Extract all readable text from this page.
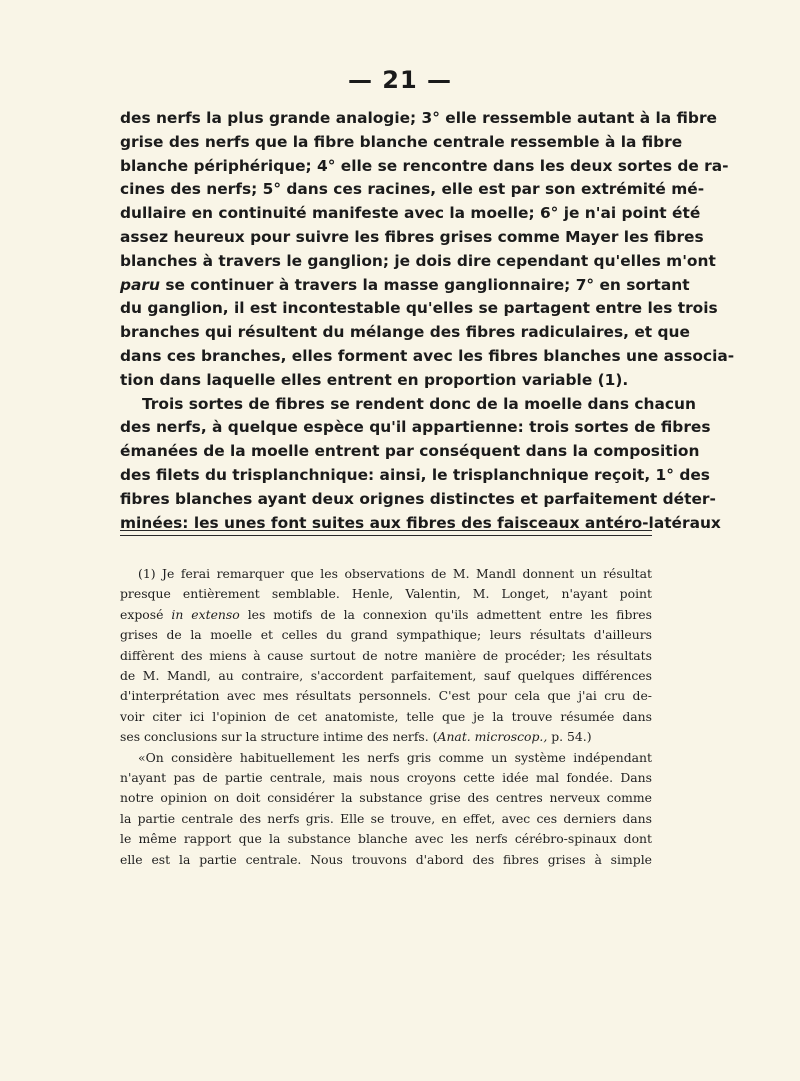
— 21 —
des nerfs la plus grande analogie; 3° elle ressemble autant à la fibre
grise des nerfs que la fibre blanche centrale ressemble à la fibre
blanche périphérique; 4° elle se rencontre dans les deux sortes de ra-
cines des nerfs; 5° dans ces racines, elle est par son extrémité mé-
dullaire en continuité manifeste avec la moelle; 6° je n'ai point été
assez heureux pour suivre les fibres grises comme Mayer les fibres
blanches à travers le ganglion; je dois dire cependant qu'elles m'ont
paru se continuer à travers la masse ganglionnaire; 7° en sortant
du ganglion, il est incontestable qu'elles se partagent entre les trois
branches qui résultent du mélange des fibres radiculaires, et que
dans ces branches, elles forment avec les fibres blanches une associa-
tion dans laquelle elles entrent en proportion variable (1).
Trois sortes de fibres se rendent donc de la moelle dans chacun
des nerfs, à quelque espèce qu'il appartienne: trois sortes de fibres
émanées de la moelle entrent par conséquent dans la composition
des filets du trisplanchnique: ainsi, le trisplanchnique reçoit, 1° des
fibres blanches ayant deux orignes distinctes et parfaitement déter-
minées: les unes font suites aux fibres des faisceaux antéro-latéraux
(1) Je ferai remarquer que les observations de M. Mandl donnent un résultat
presque entièrement semblable. Henle, Valentin, M. Longet, n'ayant point
exposé in extenso les motifs de la connexion qu'ils admettent entre les fibres
grises de la moelle et celles du grand sympathique; leurs résultats d'ailleurs
diffèrent des miens à cause surtout de notre manière de procéder; les résultats
de M. Mandl, au contraire, s'accordent parfaitement, sauf quelques différences
d'interprétation avec mes résultats personnels. C'est pour cela que j'ai cru de-
voir citer ici l'opinion de cet anatomiste, telle que je la trouve résumée dans
ses conclusions sur la structure intime des nerfs. (Anat. microscop., p. 54.)
«On considère habituellement les nerfs gris comme un système indépendant
n'ayant pas de partie centrale, mais nous croyons cette idée mal fondée. Dans
notre opinion on doit considérer la substance grise des centres nerveux comme
la partie centrale des nerfs gris. Elle se trouve, en effet, avec ces derniers dans
le même rapport que la substance blanche avec les nerfs cérébro-spinaux dont
elle est la partie centrale. Nous trouvons d'abord des fibres grises à simple
